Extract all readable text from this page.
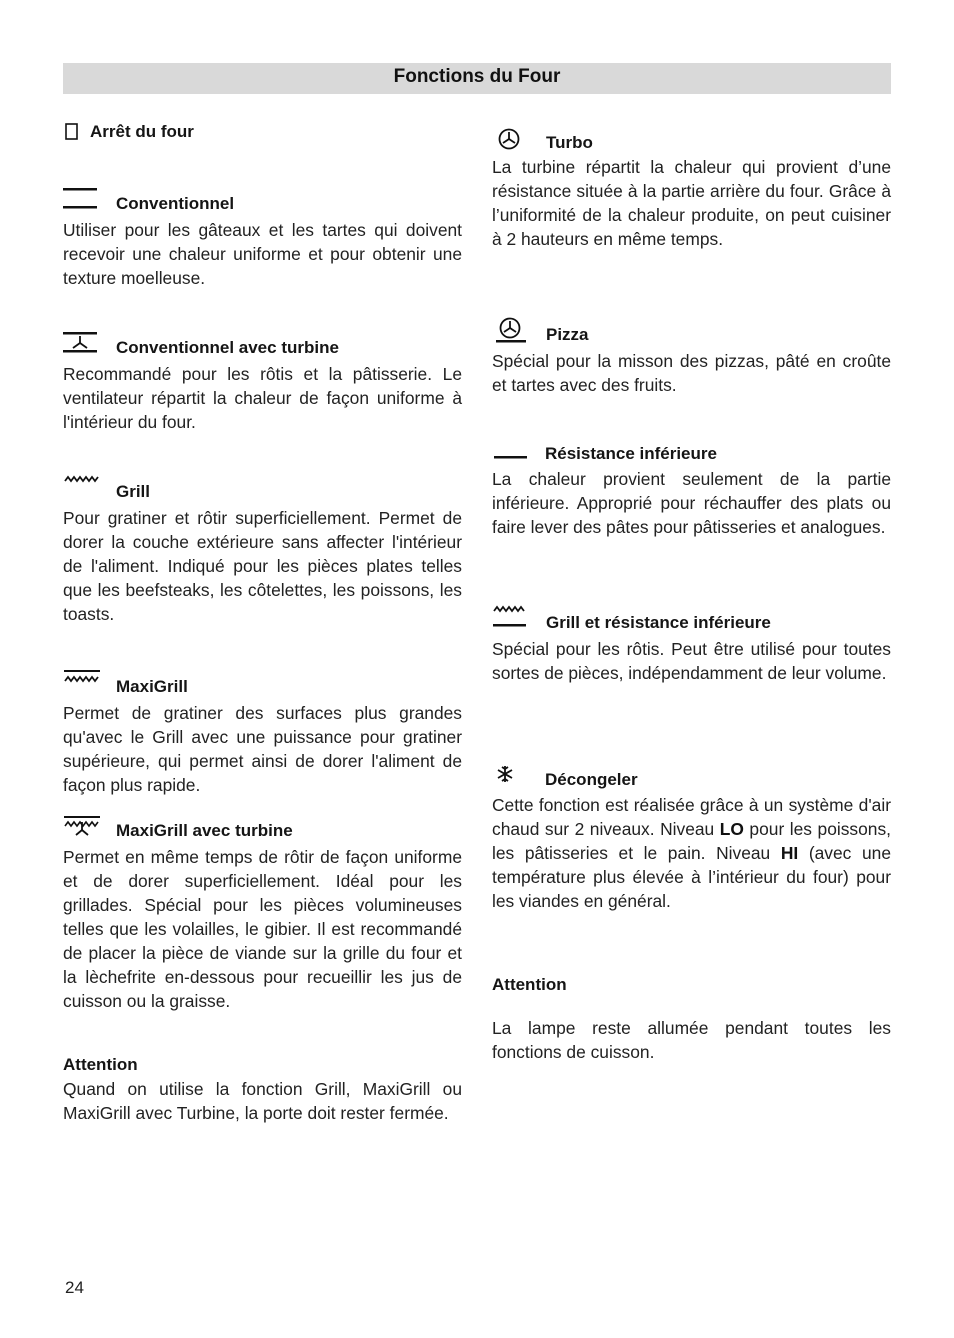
Fonctions du Four
Arrêt du four
Conventionnel
Utiliser pour les gâteaux et les tartes qui doivent recevoir une chaleur uniforme et pour obtenir une texture moelleuse.
Conventionnel avec turbine
Recommandé pour les rôtis et la pâtisserie. Le ventilateur répartit la chaleur de façon uniforme à l'intérieur du four.
Grill
Pour gratiner et rôtir superficiellement. Permet de dorer la couche extérieure sans affecter l'intérieur de l'aliment. Indiqué pour les pièces plates telles que les beefsteaks, les côtelettes, les poissons, les toasts.
MaxiGrill
Permet de gratiner des surfaces plus grandes qu'avec le Grill avec une puissance pour gratiner supérieure, qui permet ainsi de dorer l'aliment de façon plus rapide.
MaxiGrill avec turbine
Permet en même temps de rôtir de façon uniforme et de dorer superficiellement. Idéal pour les grillades. Spécial pour les pièces volumineuses telles que les volailles, le gibier. Il est recommandé de placer la pièce de viande sur la grille du four et la lèchefrite en-dessous pour recueillir les jus de cuisson ou la graisse.
Attention
Quand on utilise la fonction Grill, MaxiGrill ou MaxiGrill avec Turbine, la porte doit rester fermée.
Turbo
La turbine répartit la chaleur qui provient d’une résistance située à la partie arrière du four. Grâce à l’uniformité de la chaleur produite, on peut cuisiner à 2 hauteurs en même temps.
Pizza
Spécial pour la misson des pizzas, pâté en croûte et tartes avec des fruits.
Résistance inférieure
La chaleur provient seulement de la partie inférieure. Approprié pour réchauffer des plats ou faire lever des pâtes pour pâtisseries et analogues.
Grill et résistance inférieure
Spécial pour les rôtis. Peut être utilisé pour toutes sortes de pièces, indépendamment de leur volume.
Décongeler
Cette fonction est réalisée grâce à un système d'air chaud sur 2 niveaux. Niveau LO pour les poissons, les pâtisseries et le pain. Niveau HI (avec une température plus élevée à l’intérieur du four) pour les viandes en général.
Attention
La lampe reste allumée pendant toutes les fonctions de cuisson.
24
